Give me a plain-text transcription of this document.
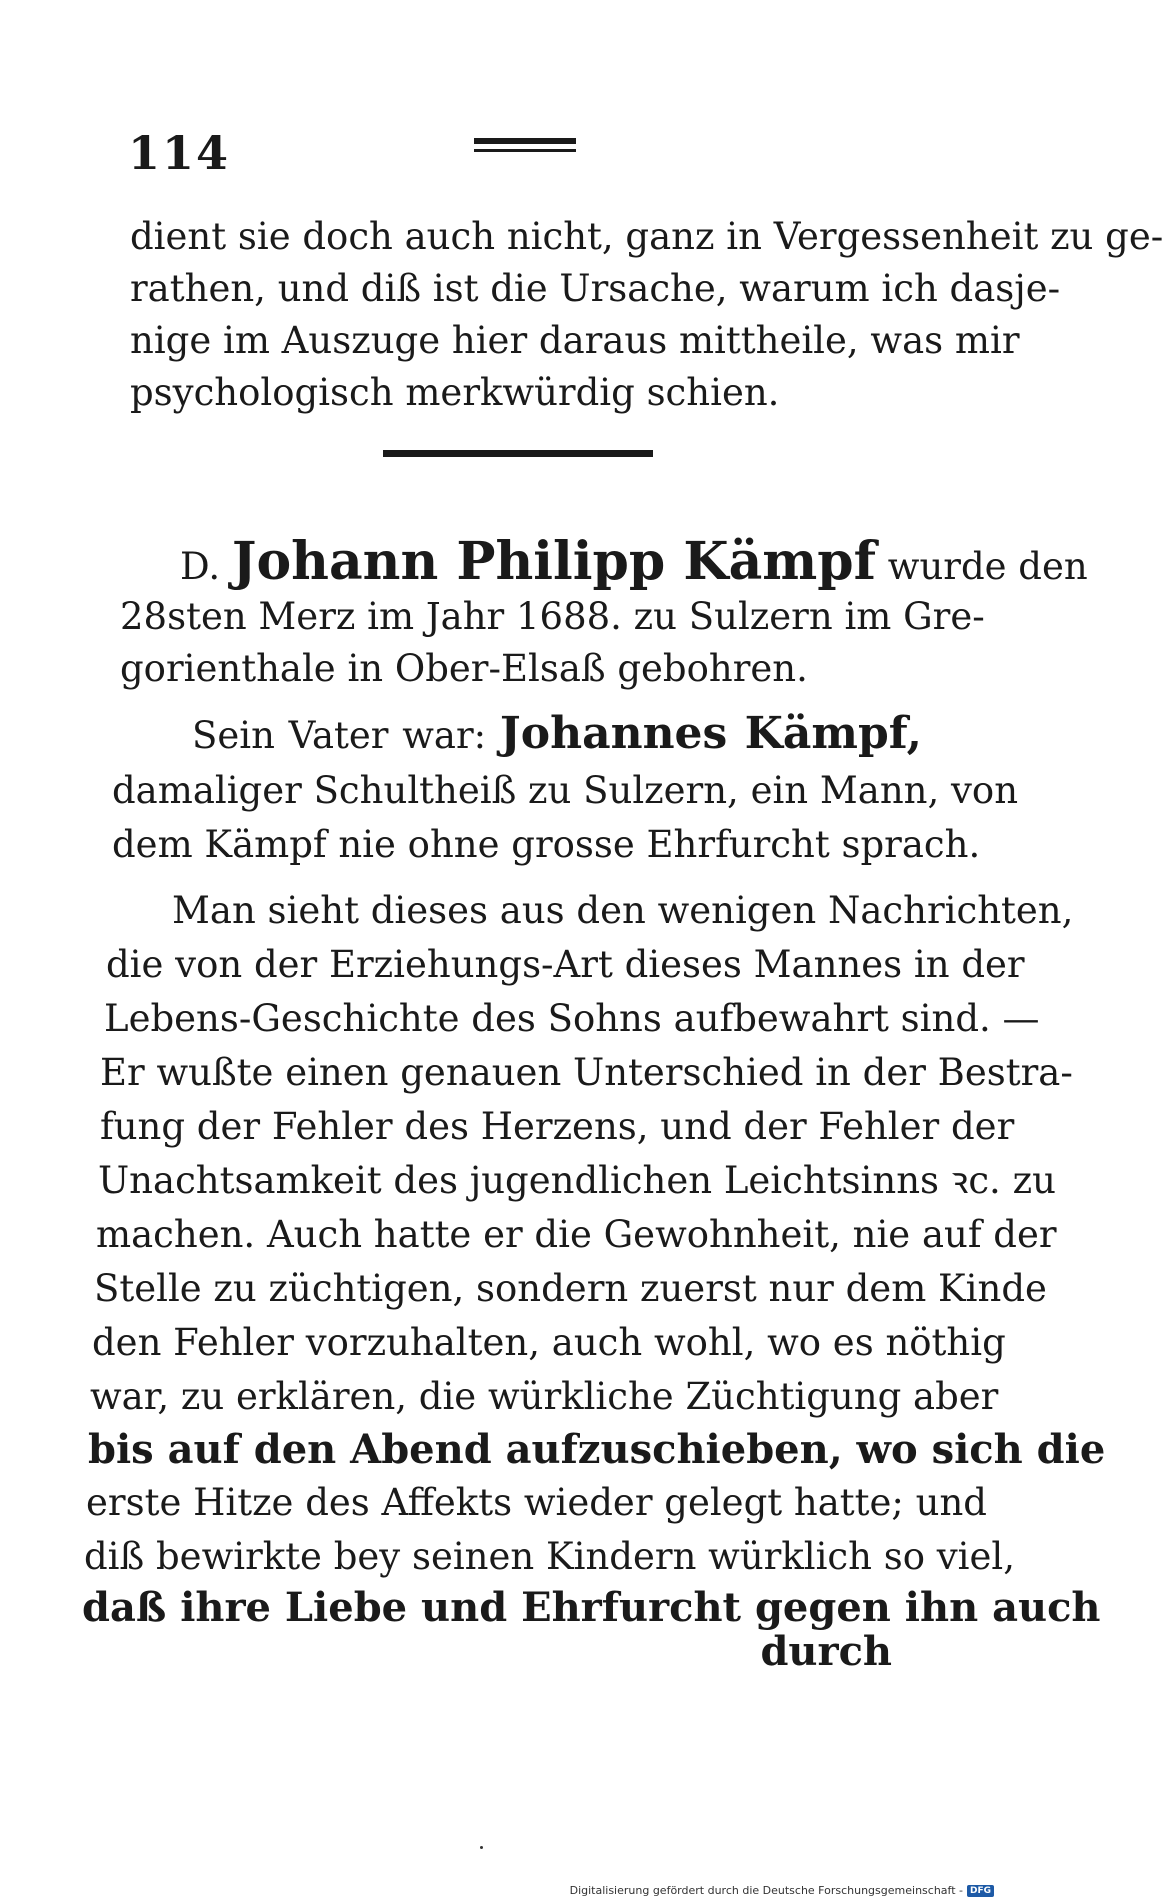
114
dient sie doch auch nicht, ganz in Vergessenheit zu ge-
rathen, und diß ist die Ursache, warum ich dasje-
nige im Auszuge hier daraus mittheile, was mir
psychologisch merkwürdig schien.
D. Johann Philipp Kämpf wurde den
28sten Merz im Jahr 1688. zu Sulzern im Gre-
gorienthale in Ober-Elsaß gebohren.
Sein Vater war: Johannes Kämpf,
damaliger Schultheiß zu Sulzern, ein Mann, von
dem Kämpf nie ohne grosse Ehrfurcht sprach.
Man sieht dieses aus den wenigen Nachrichten,
die von der Erziehungs-Art dieses Mannes in der
Lebens-Geschichte des Sohns aufbewahrt sind. —
Er wußte einen genauen Unterschied in der Bestra-
fung der Fehler des Herzens, und der Fehler der
Unachtsamkeit des jugendlichen Leichtsinns ꝛc. zu
machen. Auch hatte er die Gewohnheit, nie auf der
Stelle zu züchtigen, sondern zuerst nur dem Kinde
den Fehler vorzuhalten, auch wohl, wo es nöthig
war, zu erklären, die würkliche Züchtigung aber
bis auf den Abend aufzuschieben, wo sich die
erste Hitze des Affekts wieder gelegt hatte; und
diß bewirkte bey seinen Kindern würklich so viel,
daß ihre Liebe und Ehrfurcht gegen ihn auch
durch
Digitalisierung gefördert durch die Deutsche Forschungsgemeinschaft - DFG
